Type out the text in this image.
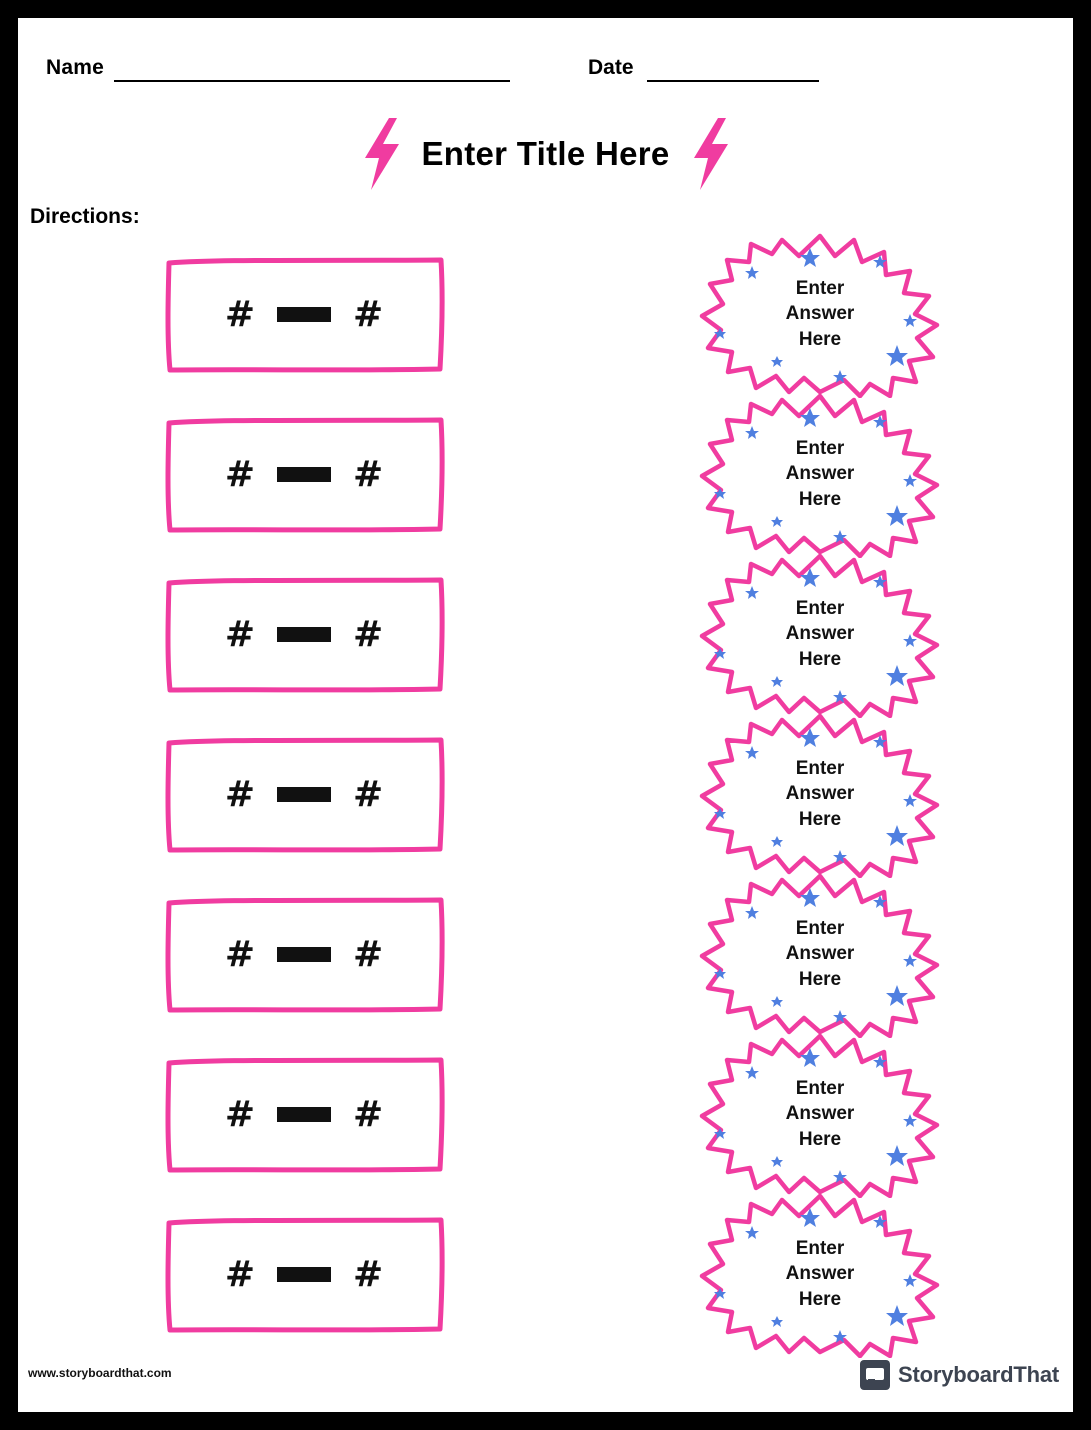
Name	Date
Enter Title Here
Directions:
#	#
#	#
#	#
#	#
#	#
#	#
#	#
Enter
Answer
Here
Enter
Answer
Here
Enter
Answer
Here
Enter
Answer
Here
Enter
Answer
Here
Enter
Answer
Here
Enter
Answer
Here
www.storyboardthat.com	StoryboardThat
